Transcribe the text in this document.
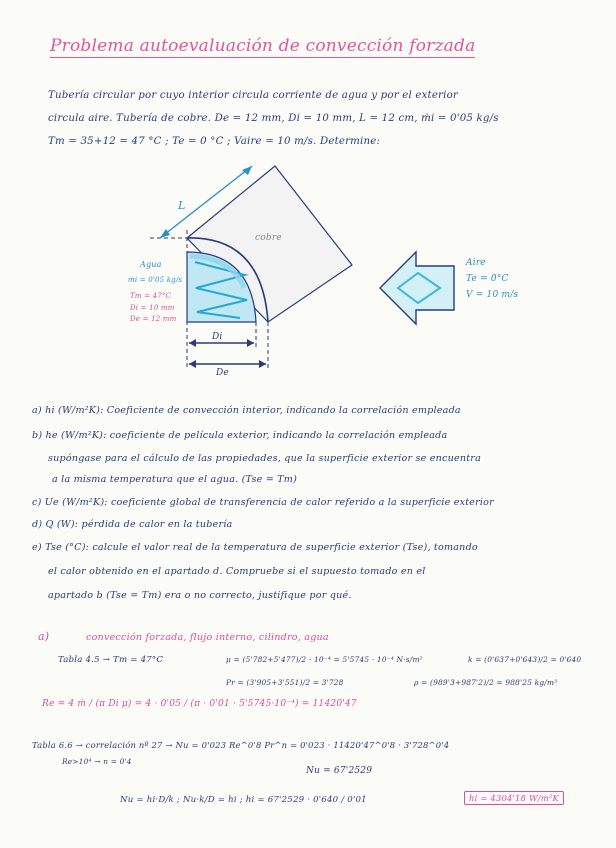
Problema autoevaluación de convección forzada
Tubería circular por cuyo interior circula corriente de agua y por el exterior
circula aire. Tubería de cobre. De = 12 mm, Di = 10 mm, L = 12 cm, ṁi = 0'05 kg/s
Tm = 35+12 = 47 °C ; Te = 0 °C ; Vaire = 10 m/s. Determine:
L
cobre
Agua
ṁi = 0'05 kg/s
Tm = 47°C
Di = 10 mm
De = 12 mm
Di
De
Aire
Te = 0°C
V = 10 m/s
a) hi (W/m²K): Coeficiente de convección interior, indicando la correlación empleada
b) he (W/m²K): coeficiente de película exterior, indicando la correlación empleada
supóngase para el cálculo de las propiedades, que la superficie exterior se encuentra
a la misma temperatura que el agua. (Tse = Tm)
c) Ue (W/m²K): coeficiente global de transferencia de calor referido a la superficie exterior
d) Q (W): pérdida de calor en la tubería
e) Tse (°C): calcule el valor real de la temperatura de superficie exterior (Tse), tomando
el calor obtenido en el apartado d. Compruebe si el supuesto tomado en el
apartado b (Tse = Tm) era o no correcto, justifique por qué.
a)	convección forzada, flujo interno, cilindro, agua
Tabla 4.5 → Tm = 47°C	μ = (5'782+5'477)/2 · 10⁻⁴ = 5'5745 · 10⁻⁴ N·s/m²	k = (0'637+0'643)/2 = 0'640
Pr = (3'905+3'551)/2 = 3'728	ρ = (989'3+987'2)/2 = 988'25 kg/m³
Re = 4 ṁ / (π Di μ) = 4 · 0'05 / (π · 0'01 · 5'5745·10⁻⁴) = 11420'47
Tabla 6.6 → correlación nº 27 → Nu = 0'023 Re^0'8 Pr^n = 0'023 · 11420'47^0'8 · 3'728^0'4
Re>10⁴ → n = 0'4
Nu = 67'2529
Nu = hi·D/k ; Nu·k/D = hi ; hi = 67'2529 · 0'640 / 0'01	hi = 4304'18 W/m²K
